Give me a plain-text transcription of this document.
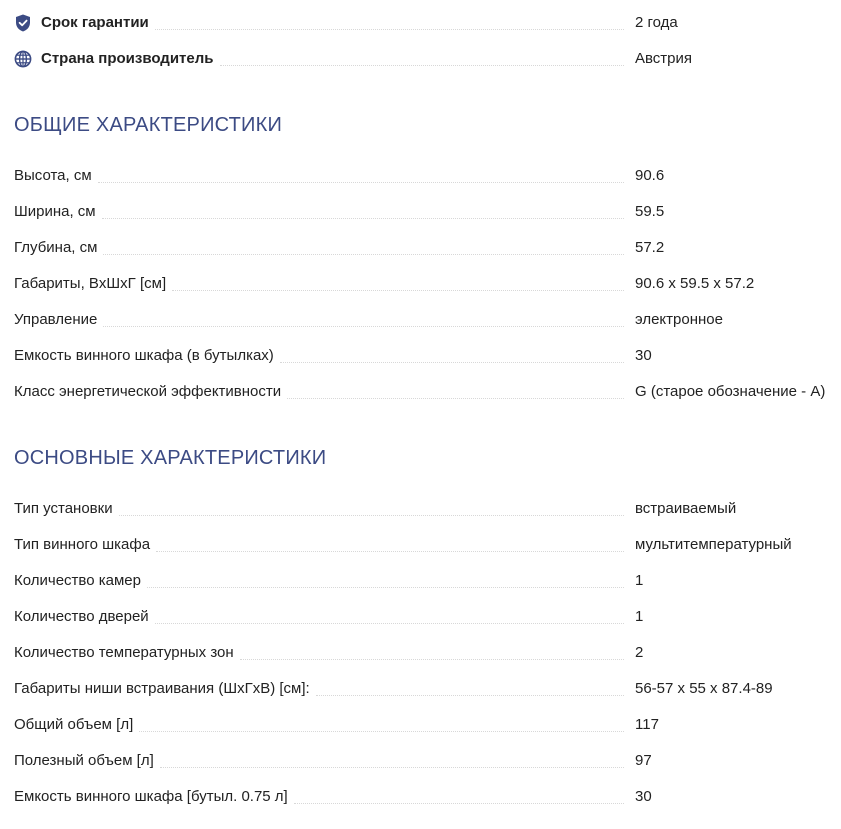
Срок гарантии	2 года
Страна производитель	Австрия
ОБЩИЕ ХАРАКТЕРИСТИКИ
Высота, см	90.6
Ширина, см	59.5
Глубина, см	57.2
Габариты, ВxШxГ [см]	90.6 x 59.5 x 57.2
Управление	электронное
Емкость винного шкафа (в бутылках)	30
Класс энергетической эффективности	G (старое обозначение - А)
ОСНОВНЫЕ ХАРАКТЕРИСТИКИ
Тип установки	встраиваемый
Тип винного шкафа	мультитемпературный
Количество камер	1
Количество дверей	1
Количество температурных зон	2
Габариты ниши встраивания (ШxГxВ) [см]:	56-57 x 55 x 87.4-89
Общий объем [л]	117
Полезный объем [л]	97
Емкость винного шкафа [бутыл. 0.75 л]	30
